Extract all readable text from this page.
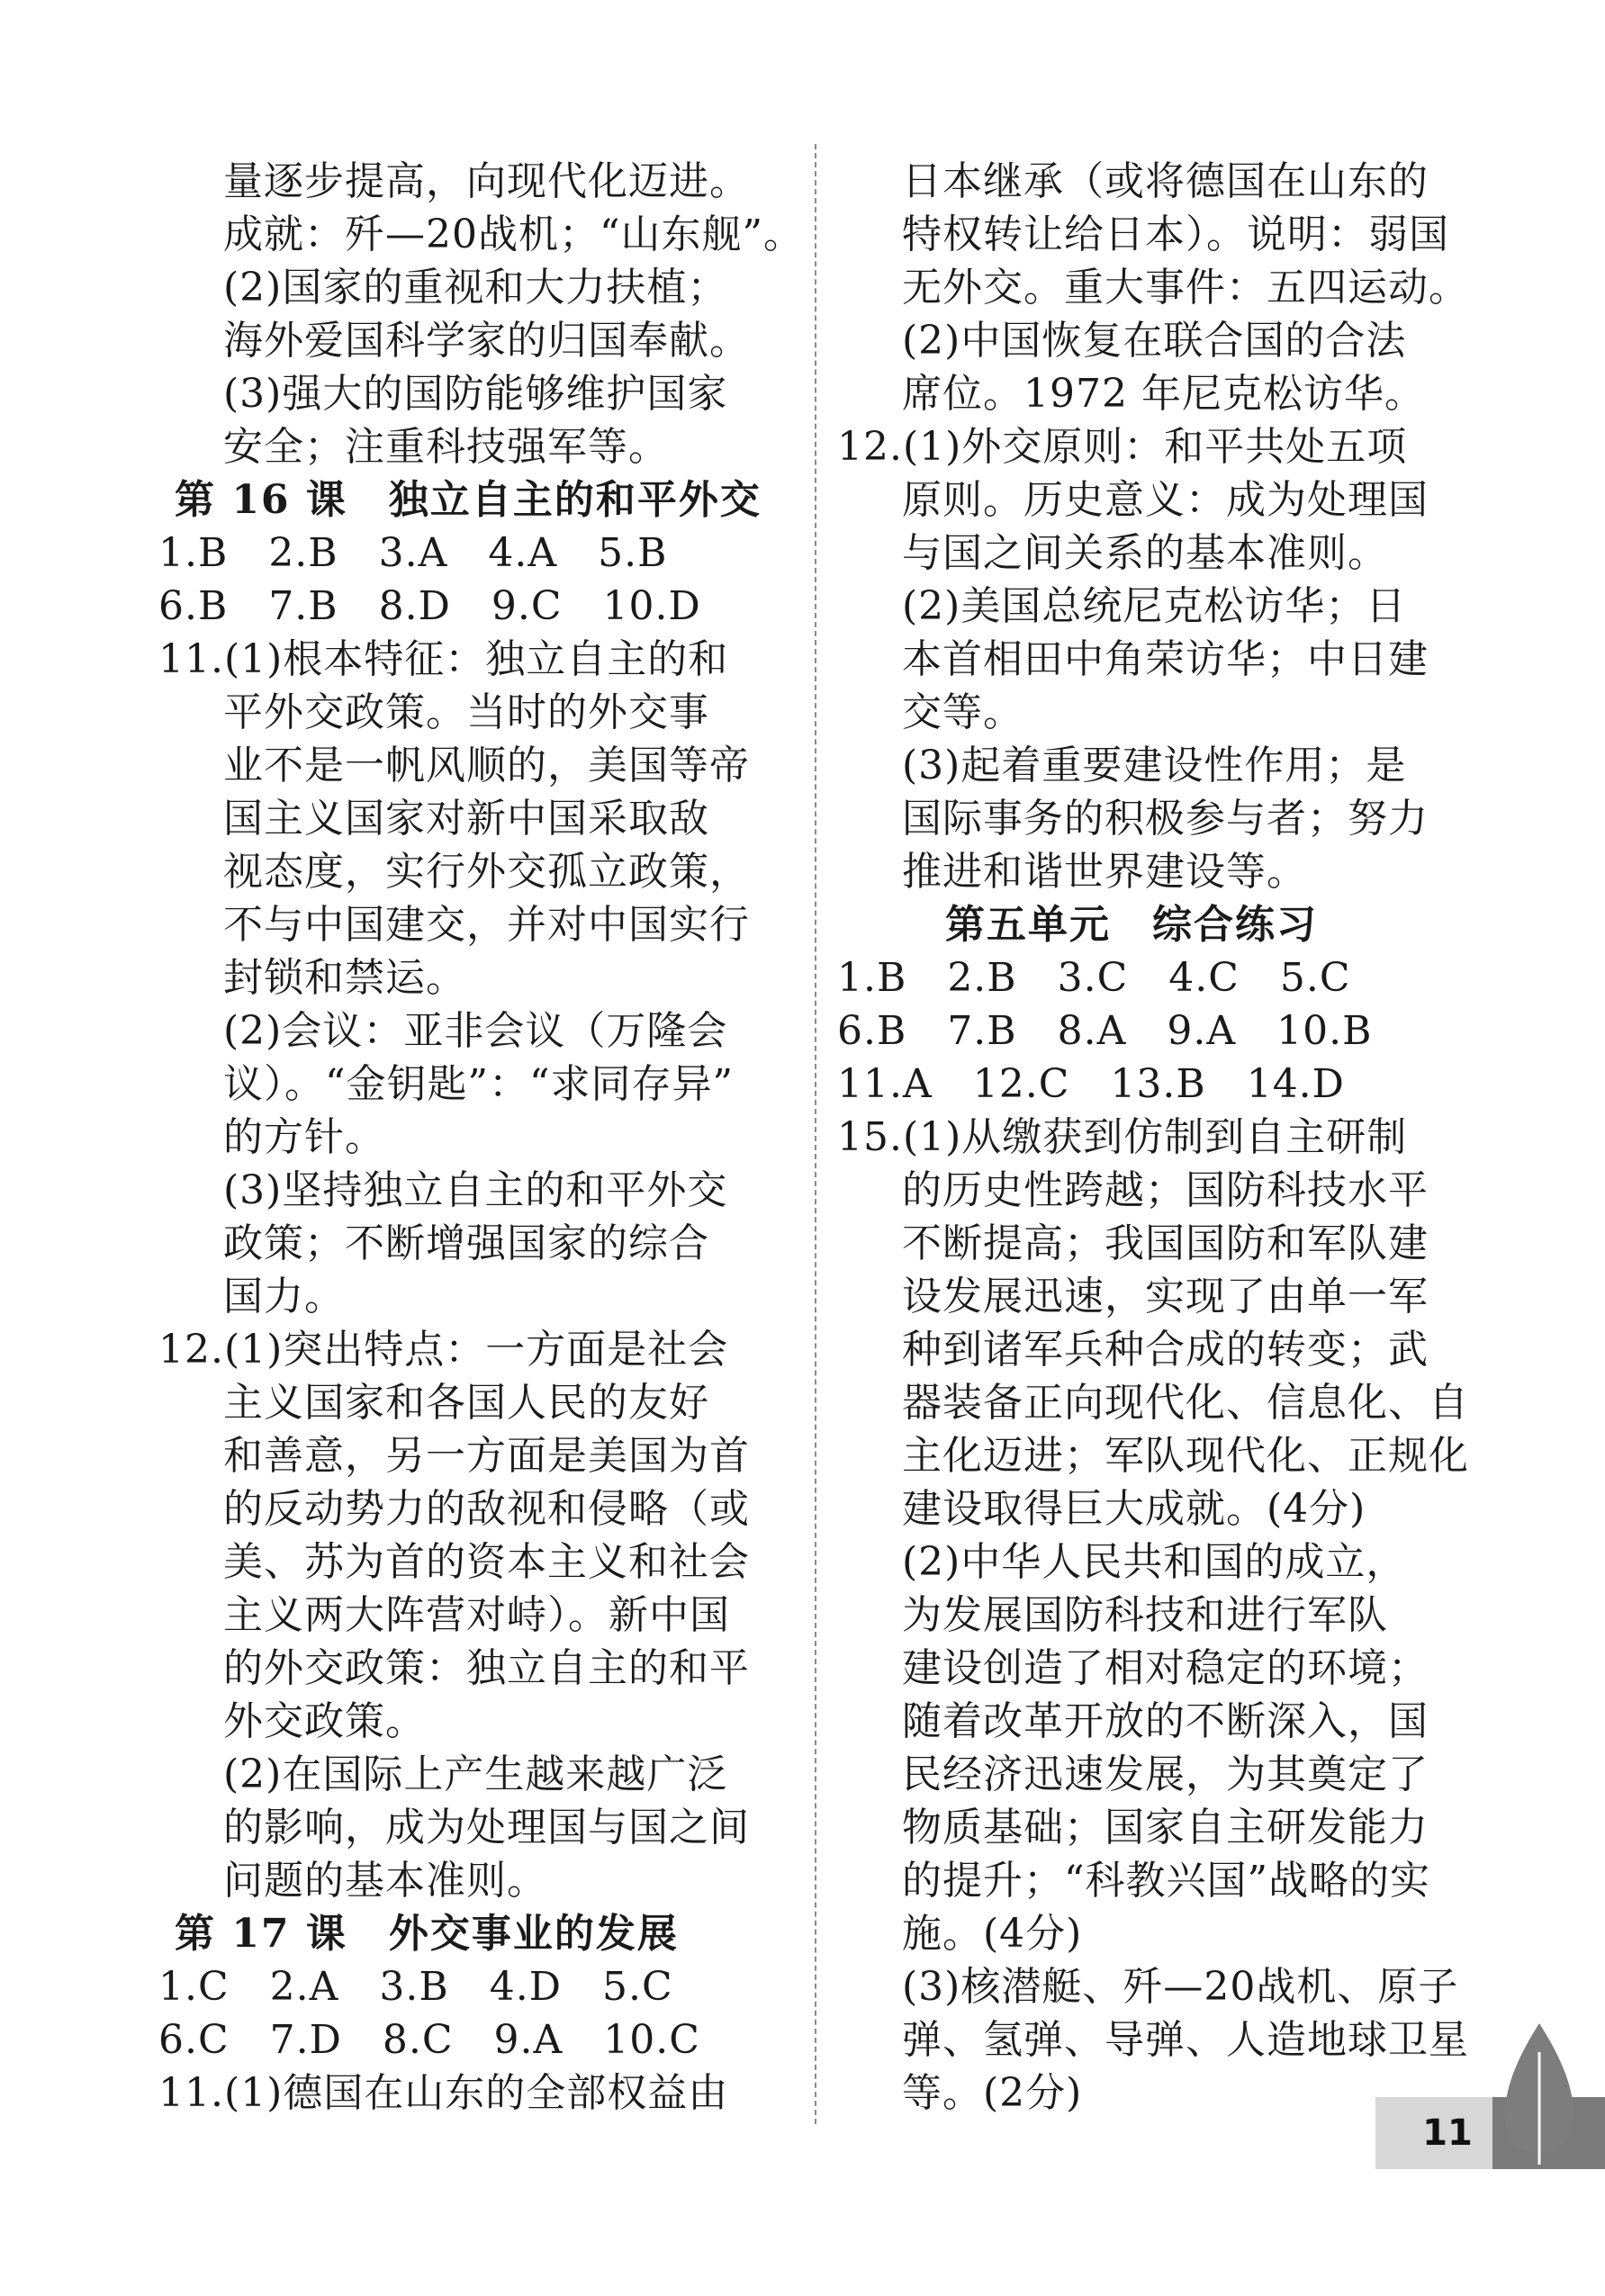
量逐步提高，向现代化迈进。
成就：歼—20战机；“山东舰”。
(2)国家的重视和大力扶植；
海外爱国科学家的归国奉献。
(3)强大的国防能够维护国家
安全；注重科技强军等。
第 16 课　独立自主的和平外交
1.B　2.B　3.A　4.A　5.B
6.B　7.B　8.D　9.C　10.D
11.(1)根本特征：独立自主的和
平外交政策。当时的外交事
业不是一帆风顺的，美国等帝
国主义国家对新中国采取敌
视态度，实行外交孤立政策，
不与中国建交，并对中国实行
封锁和禁运。
(2)会议：亚非会议（万隆会
议）。“金钥匙”：“求同存异”
的方针。
(3)坚持独立自主的和平外交
政策；不断增强国家的综合
国力。
12.(1)突出特点：一方面是社会
主义国家和各国人民的友好
和善意，另一方面是美国为首
的反动势力的敌视和侵略（或
美、苏为首的资本主义和社会
主义两大阵营对峙）。新中国
的外交政策：独立自主的和平
外交政策。
(2)在国际上产生越来越广泛
的影响，成为处理国与国之间
问题的基本准则。
第 17 课　外交事业的发展
1.C　2.A　3.B　4.D　5.C
6.C　7.D　8.C　9.A　10.C
11.(1)德国在山东的全部权益由
日本继承（或将德国在山东的
特权转让给日本）。说明：弱国
无外交。重大事件：五四运动。
(2)中国恢复在联合国的合法
席位。1972 年尼克松访华。
12.(1)外交原则：和平共处五项
原则。历史意义：成为处理国
与国之间关系的基本准则。
(2)美国总统尼克松访华；日
本首相田中角荣访华；中日建
交等。
(3)起着重要建设性作用；是
国际事务的积极参与者；努力
推进和谐世界建设等。
第五单元　综合练习
1.B　2.B　3.C　4.C　5.C
6.B　7.B　8.A　9.A　10.B
11.A　12.C　13.B　14.D
15.(1)从缴获到仿制到自主研制
的历史性跨越；国防科技水平
不断提高；我国国防和军队建
设发展迅速，实现了由单一军
种到诸军兵种合成的转变；武
器装备正向现代化、信息化、自
主化迈进；军队现代化、正规化
建设取得巨大成就。(4分)
(2)中华人民共和国的成立，
为发展国防科技和进行军队
建设创造了相对稳定的环境；
随着改革开放的不断深入，国
民经济迅速发展，为其奠定了
物质基础；国家自主研发能力
的提升；“科教兴国”战略的实
施。(4分)
(3)核潜艇、歼—20战机、原子
弹、氢弹、导弹、人造地球卫星
等。(2分)
11
